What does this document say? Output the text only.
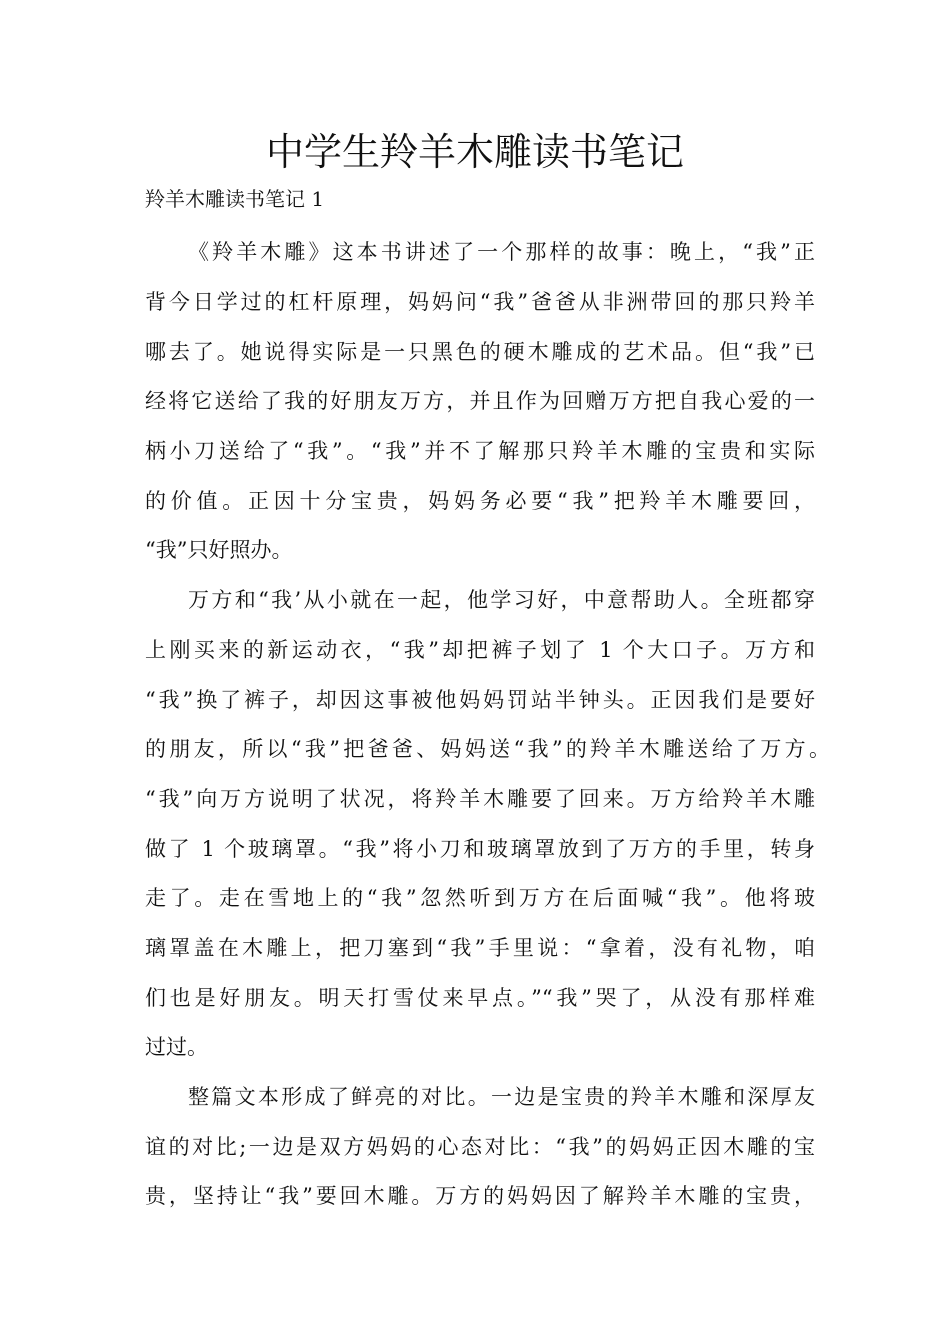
中学生羚羊木雕读书笔记
羚羊木雕读书笔记 1
《羚羊木雕》这本书讲述了一个那样的故事：晚上，“我”正
背今日学过的杠杆原理，妈妈问“我”爸爸从非洲带回的那只羚羊
哪去了。她说得实际是一只黑色的硬木雕成的艺术品。但“我”已
经将它送给了我的好朋友万方，并且作为回赠万方把自我心爱的一
柄小刀送给了“我”。“我”并不了解那只羚羊木雕的宝贵和实际
的价值。正因十分宝贵，妈妈务必要“我”把羚羊木雕要回，
“我”只好照办。
万方和“我’从小就在一起，他学习好，中意帮助人。全班都穿
上刚买来的新运动衣，“我”却把裤子划了 1 个大口子。万方和
“我”换了裤子，却因这事被他妈妈罚站半钟头。正因我们是要好
的朋友，所以“我”把爸爸、妈妈送“我”的羚羊木雕送给了万方。
“我”向万方说明了状况，将羚羊木雕要了回来。万方给羚羊木雕
做了 1 个玻璃罩。“我”将小刀和玻璃罩放到了万方的手里，转身
走了。走在雪地上的“我”忽然听到万方在后面喊“我”。他将玻
璃罩盖在木雕上，把刀塞到“我”手里说：“拿着，没有礼物，咱
们也是好朋友。明天打雪仗来早点。”“我”哭了，从没有那样难
过过。
整篇文本形成了鲜亮的对比。一边是宝贵的羚羊木雕和深厚友
谊的对比;一边是双方妈妈的心态对比：“我”的妈妈正因木雕的宝
贵，坚持让“我”要回木雕。万方的妈妈因了解羚羊木雕的宝贵，
